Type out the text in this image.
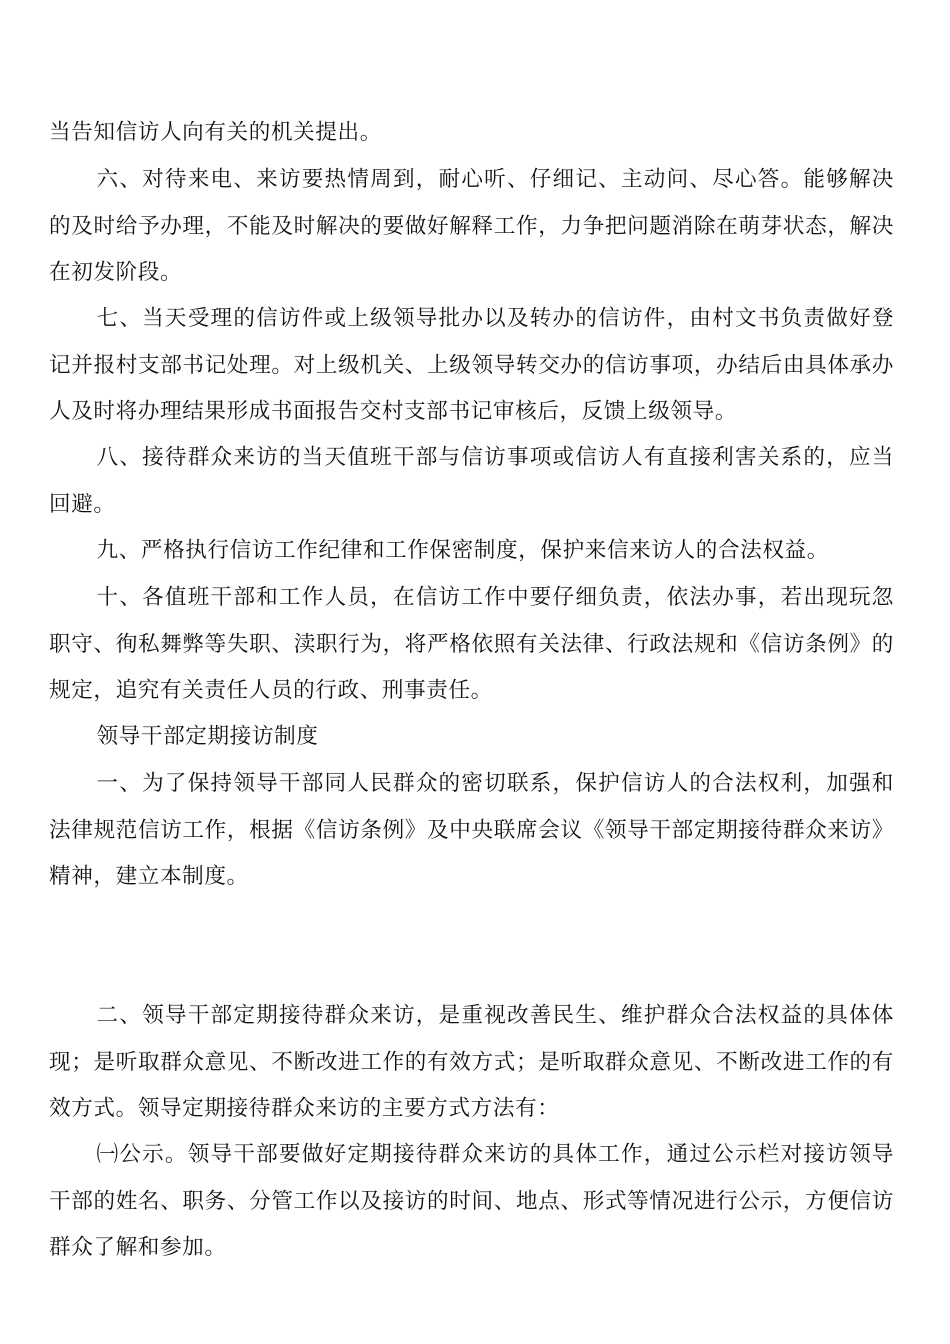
当告知信访人向有关的机关提出。

六、对待来电、来访要热情周到，耐心听、仔细记、主动问、尽心答。能够解决的及时给予办理，不能及时解决的要做好解释工作，力争把问题消除在萌芽状态，解决在初发阶段。

七、当天受理的信访件或上级领导批办以及转办的信访件，由村文书负责做好登记并报村支部书记处理。对上级机关、上级领导转交办的信访事项，办结后由具体承办人及时将办理结果形成书面报告交村支部书记审核后，反馈上级领导。

八、接待群众来访的当天值班干部与信访事项或信访人有直接利害关系的，应当回避。

九、严格执行信访工作纪律和工作保密制度，保护来信来访人的合法权益。

十、各值班干部和工作人员，在信访工作中要仔细负责，依法办事，若出现玩忽职守、徇私舞弊等失职、渎职行为，将严格依照有关法律、行政法规和《信访条例》的规定，追究有关责任人员的行政、刑事责任。

领导干部定期接访制度

一、为了保持领导干部同人民群众的密切联系，保护信访人的合法权利，加强和法律规范信访工作，根据《信访条例》及中央联席会议《领导干部定期接待群众来访》精神，建立本制度。

二、领导干部定期接待群众来访，是重视改善民生、维护群众合法权益的具体体现；是听取群众意见、不断改进工作的有效方式；是听取群众意见、不断改进工作的有效方式。领导定期接待群众来访的主要方式方法有：

㈠公示。领导干部要做好定期接待群众来访的具体工作，通过公示栏对接访领导干部的姓名、职务、分管工作以及接访的时间、地点、形式等情况进行公示，方便信访群众了解和参加。
